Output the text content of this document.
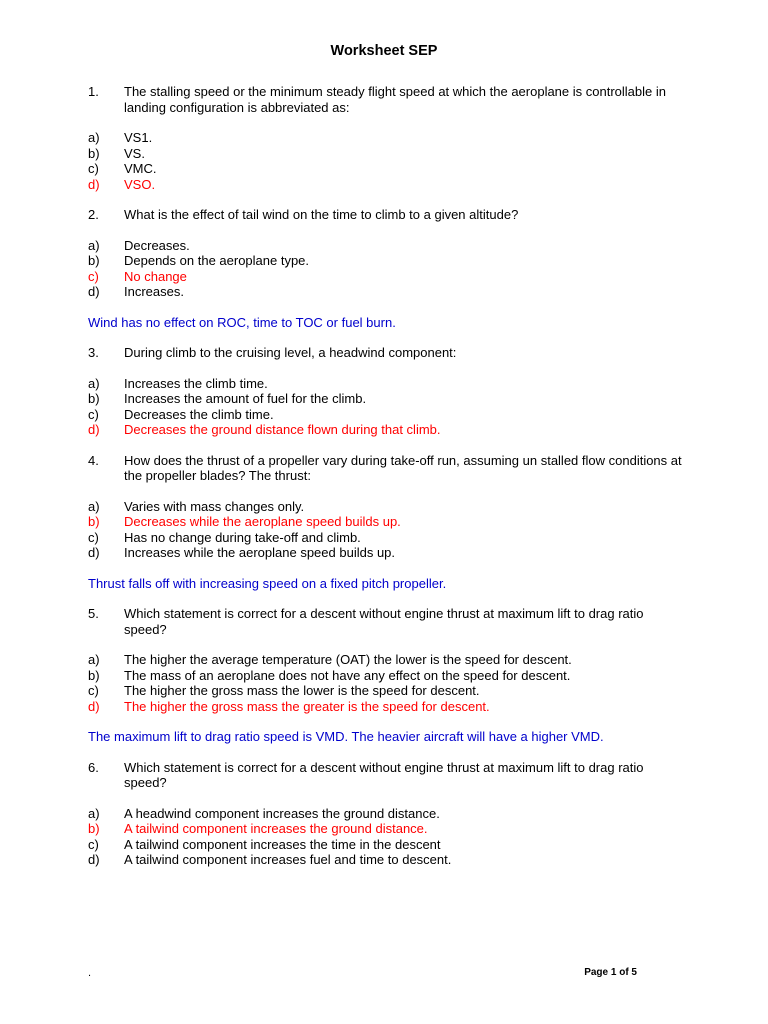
Worksheet SEP
1.	The stalling speed or the minimum steady flight speed at which the aeroplane is controllable in landing configuration is abbreviated as:
a)	VS1.
b)	VS.
c)	VMC.
d)	VSO.
2.	What is the effect of tail wind on the time to climb to a given altitude?
a)	Decreases.
b)	Depends on the aeroplane type.
c)	No change
d)	Increases.
Wind has no effect on ROC, time to TOC or fuel burn.
3.	During climb to the cruising level, a headwind component:
a)	Increases the climb time.
b)	Increases the amount of fuel for the climb.
c)	Decreases the climb time.
d)	Decreases the ground distance flown during that climb.
4.	How does the thrust of a propeller vary during take-off run, assuming un stalled flow conditions at the propeller blades? The thrust:
a)	Varies with mass changes only.
b)	Decreases while the aeroplane speed builds up.
c)	Has no change during take-off and climb.
d)	Increases while the aeroplane speed builds up.
Thrust falls off with increasing speed on a fixed pitch propeller.
5.	Which statement is correct for a descent without engine thrust at maximum lift to drag ratio speed?
a)	The higher the average temperature (OAT) the lower is the speed for descent.
b)	The mass of an aeroplane does not have any effect on the speed for descent.
c)	The higher the gross mass the lower is the speed for descent.
d)	The higher the gross mass the greater is the speed for descent.
The maximum lift to drag ratio speed is VMD. The heavier aircraft will have a higher VMD.
6.	Which statement is correct for a descent without engine thrust at maximum lift to drag ratio speed?
a)	A headwind component increases the ground distance.
b)	A tailwind component increases the ground distance.
c)	A tailwind component increases the time in the descent
d)	A tailwind component increases fuel and time to descent.
.	Page 1 of 5
